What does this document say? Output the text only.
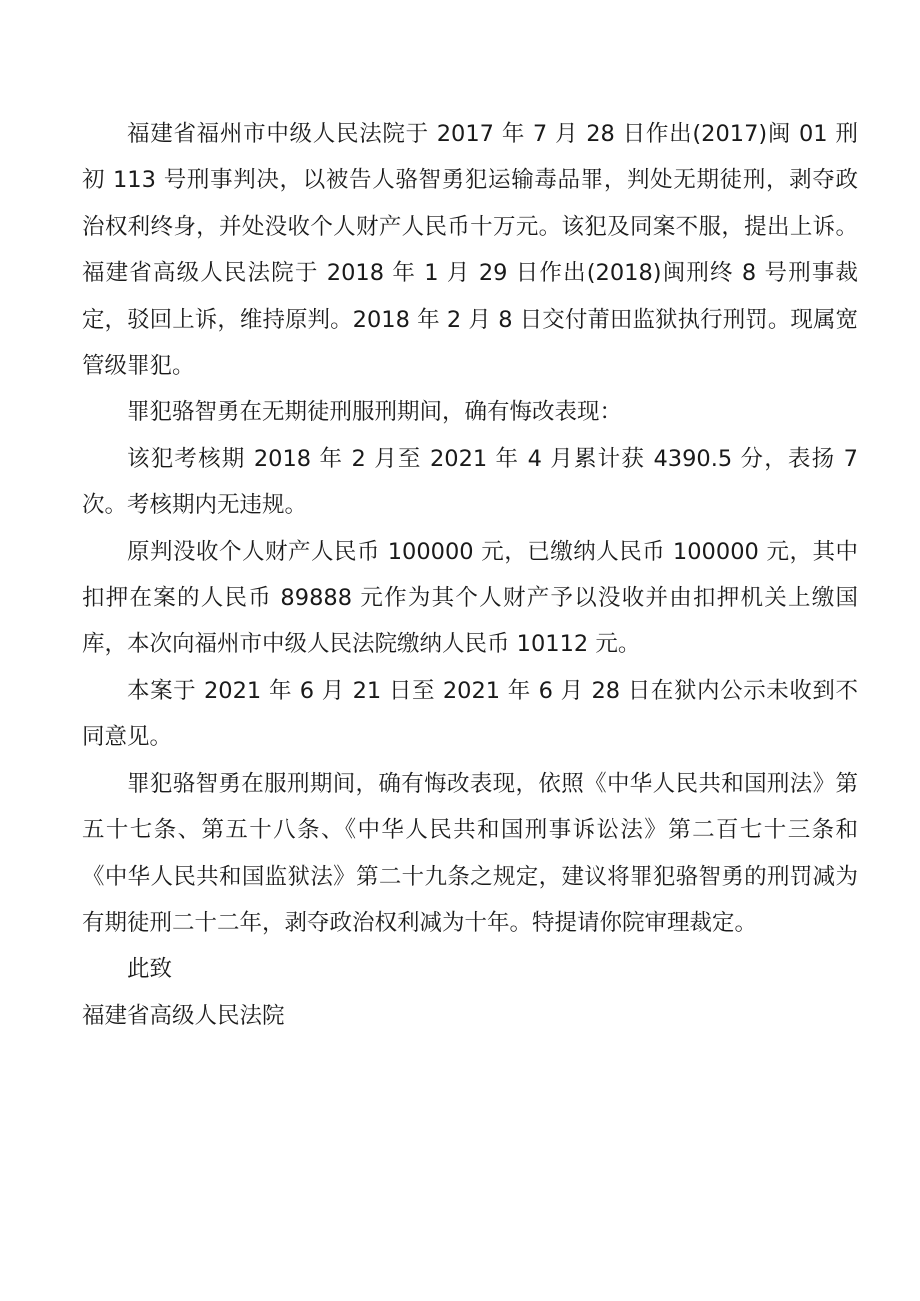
福建省福州市中级人民法院于 2017 年 7 月 28 日作出(2017)闽 01 刑初 113 号刑事判决，以被告人骆智勇犯运输毒品罪，判处无期徒刑，剥夺政治权利终身，并处没收个人财产人民币十万元。该犯及同案不服，提出上诉。福建省高级人民法院于 2018 年 1 月 29 日作出(2018)闽刑终 8 号刑事裁定，驳回上诉，维持原判。2018 年 2 月 8 日交付莆田监狱执行刑罚。现属宽管级罪犯。

罪犯骆智勇在无期徒刑服刑期间，确有悔改表现：

该犯考核期 2018 年 2 月至 2021 年 4 月累计获 4390.5 分，表扬 7 次。考核期内无违规。

原判没收个人财产人民币 100000 元，已缴纳人民币 100000 元，其中扣押在案的人民币 89888 元作为其个人财产予以没收并由扣押机关上缴国库，本次向福州市中级人民法院缴纳人民币 10112 元。

本案于 2021 年 6 月 21 日至 2021 年 6 月 28 日在狱内公示未收到不同意见。

罪犯骆智勇在服刑期间，确有悔改表现，依照《中华人民共和国刑法》第五十七条、第五十八条、《中华人民共和国刑事诉讼法》第二百七十三条和《中华人民共和国监狱法》第二十九条之规定，建议将罪犯骆智勇的刑罚减为有期徒刑二十二年，剥夺政治权利减为十年。特提请你院审理裁定。

此致

福建省高级人民法院
